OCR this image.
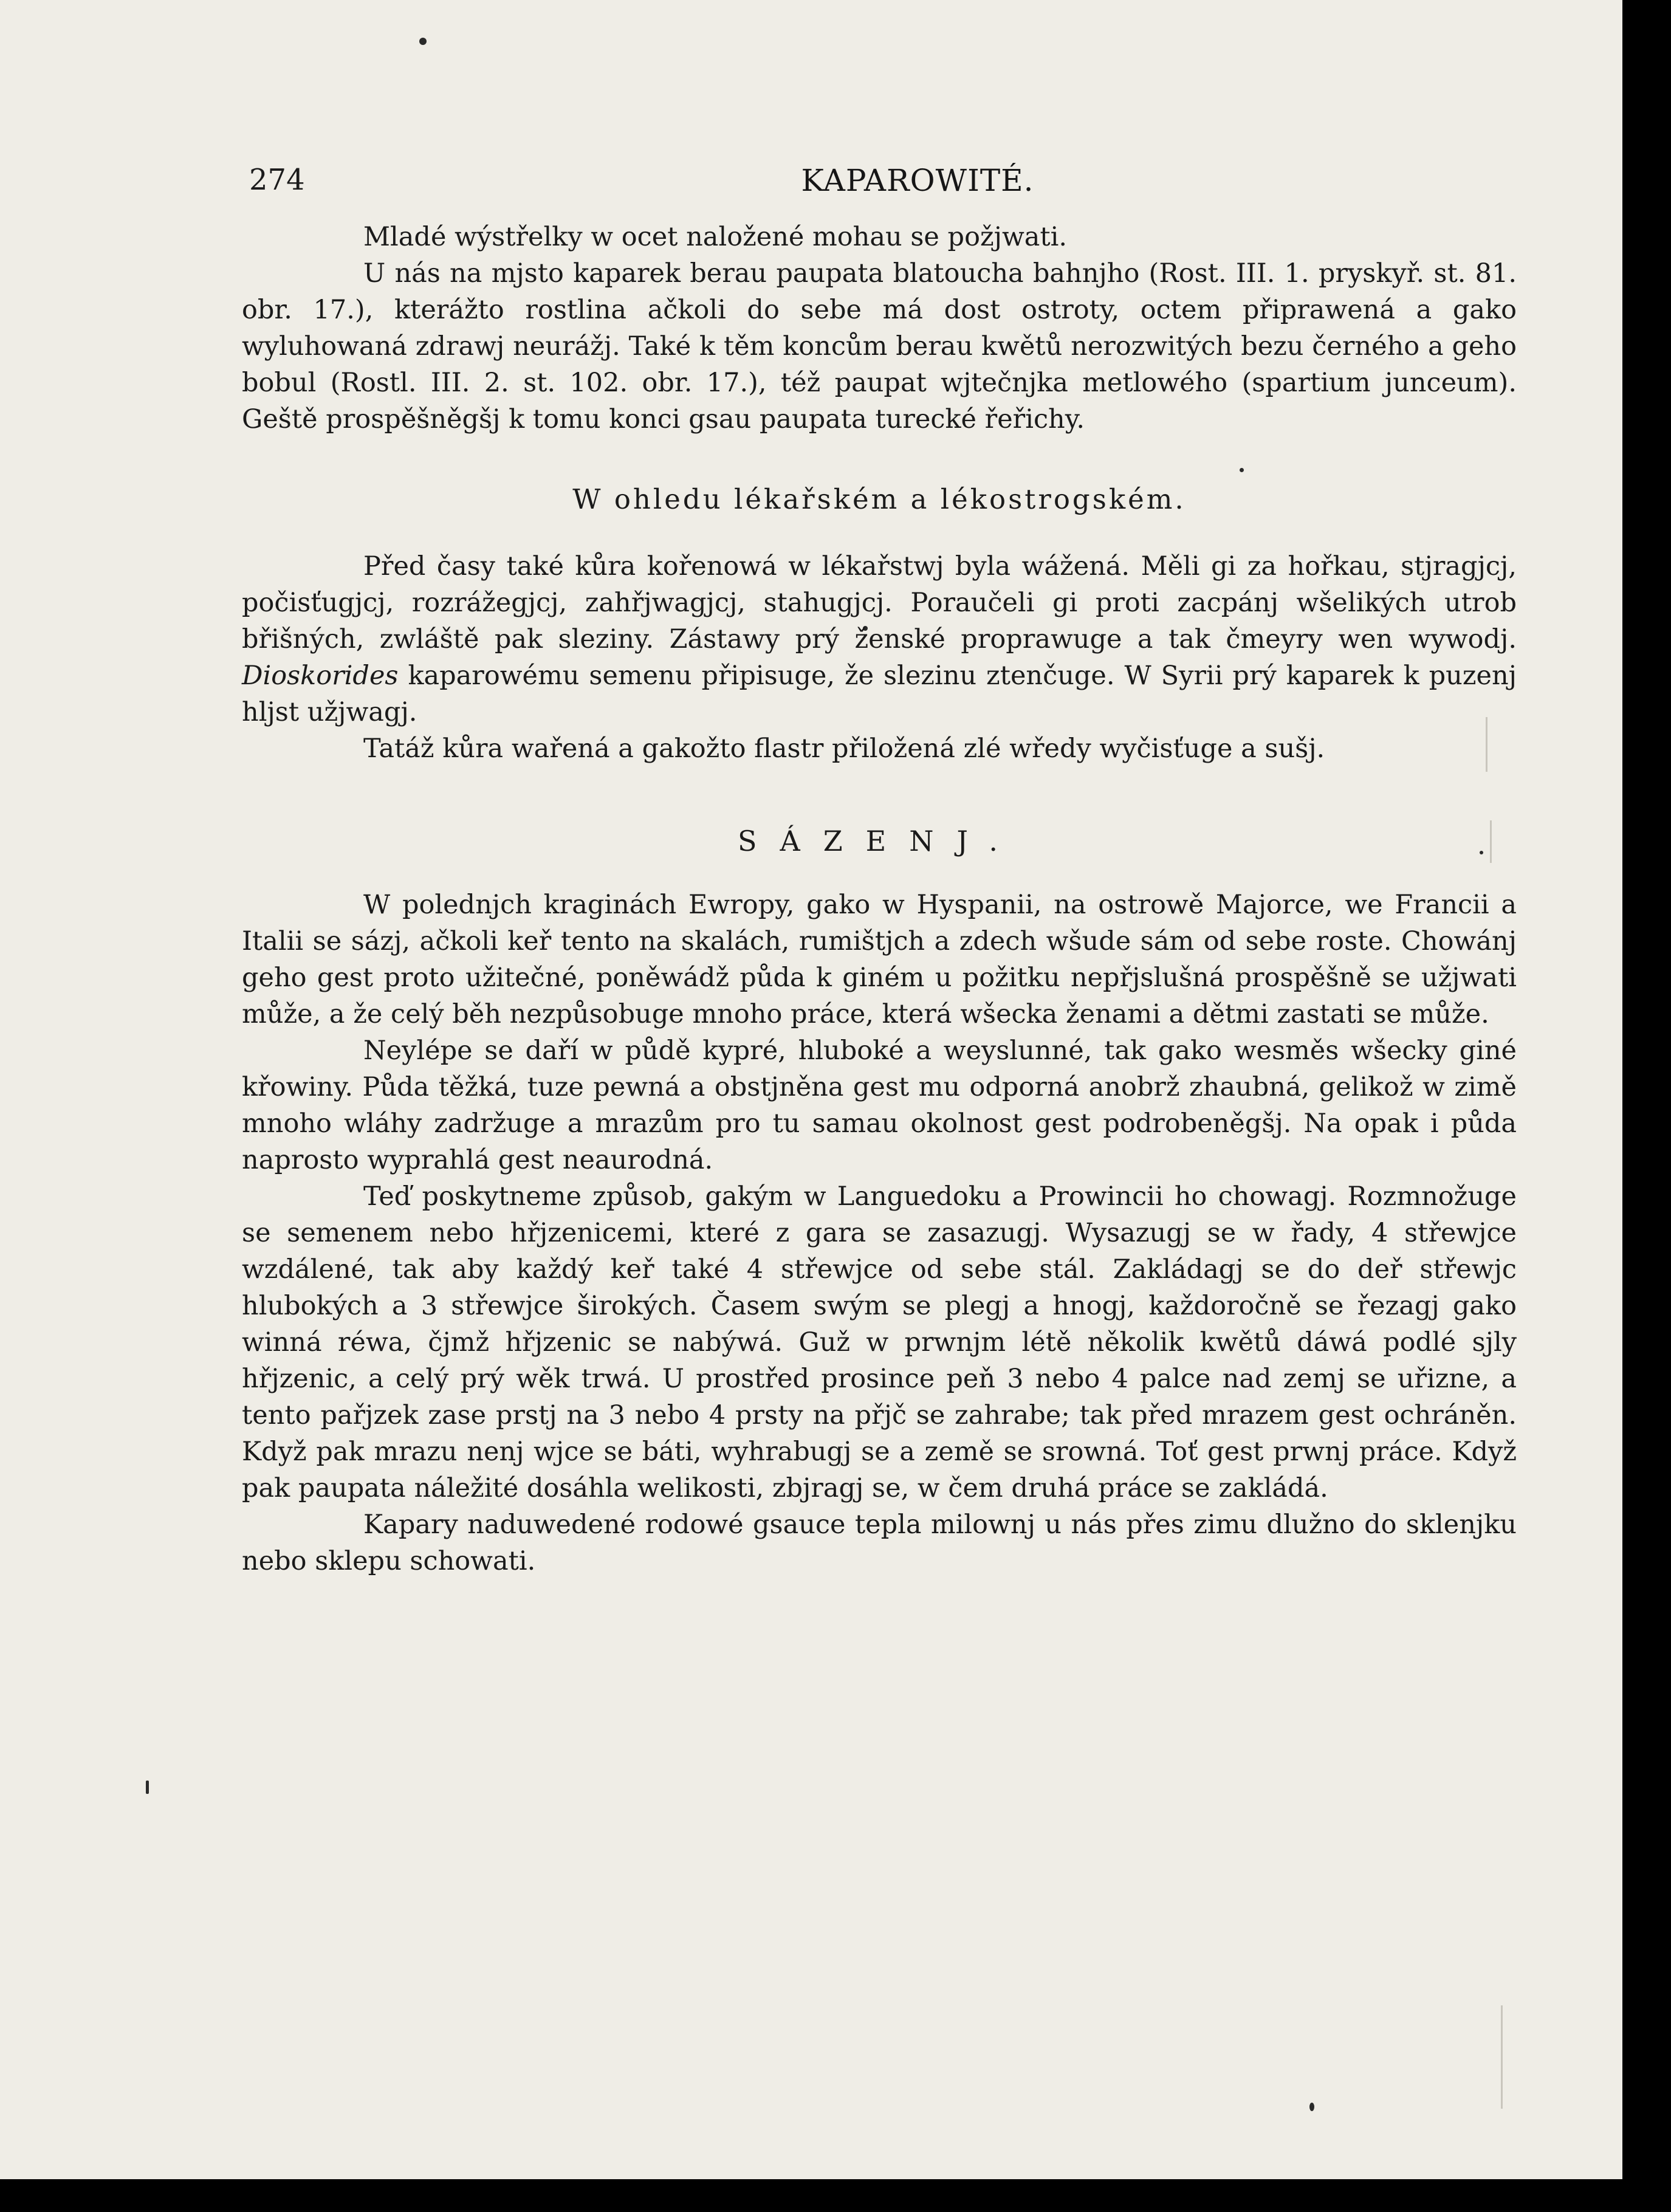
274	KAPAROWITÉ.

Mladé wýstřelky w ocet naložené mohau se požjwati.

U nás na mjsto kaparek berau paupata blatoucha bahnjho (Rost. III. 1. pryskyř. st. 81. obr. 17.), kterážto rostlina ačkoli do sebe má dost ostroty, octem připrawená a gako wyluhowaná zdrawj neurážj. Také k těm koncům berau kwětů nerozwitých bezu černého a geho bobul (Rostl. III. 2. st. 102. obr. 17.), též paupat wjtečnjka metlowého (spartium junceum). Geště prospěšněgšj k tomu konci gsau paupata turecké řeřichy.

W ohledu lékařském a lékostrogském.

Před časy také kůra kořenowá w lékařstwj byla wážená. Měli gi za hořkau, stjragjcj, počisťugjcj, rozrážegjcj, zahřjwagjcj, stahugjcj. Poraučeli gi proti zacpánj wšelikých utrob břišných, zwláště pak sleziny. Zástawy prý ženské proprawuge a tak čmeyry wen wywodj. Dioskorides kaparowému semenu připisuge, že slezinu ztenčuge. W Syrii prý kaparek k puzenj hljst užjwagj.

Tatáž kůra wařená a gakožto flastr přiložená zlé wředy wyčisťuge a sušj.

SÁZENJ.

W polednjch kraginách Ewropy, gako w Hyspanii, na ostrowě Majorce, we Francii a Italii se sázj, ačkoli keř tento na skalách, rumištjch a zdech wšude sám od sebe roste. Chowánj geho gest proto užitečné, poněwádž půda k giném u požitku nepřjslušná prospěšně se užjwati může, a že celý běh nezpůsobuge mnoho práce, která wšecka ženami a dětmi zastati se může.

Neylépe se daří w půdě kypré, hluboké a weyslunné, tak gako wesměs wšecky giné křowiny. Půda těžká, tuze pewná a obstjněna gest mu odporná anobrž zhaubná, gelikož w zimě mnoho wláhy zadržuge a mrazům pro tu samau okolnost gest podrobeněgšj. Na opak i půda naprosto wyprahlá gest neaurodná.

Teď poskytneme způsob, gakým w Languedoku a Prowincii ho chowagj. Rozmnožuge se semenem nebo hřjzenicemi, které z gara se zasazugj. Wysazugj se w řady, 4 střewjce wzdálené, tak aby každý keř také 4 střewjce od sebe stál. Zakládagj se do deř střewjc hlubokých a 3 střewjce širokých. Časem swým se plegj a hnogj, každoročně se řezagj gako winná réwa, čjmž hřjzenic se nabýwá. Guž w prwnjm létě několik kwětů dáwá podlé sjly hřjzenic, a celý prý wěk trwá. U prostřed prosince peň 3 nebo 4 palce nad zemj se uřizne, a tento pařjzek zase prstj na 3 nebo 4 prsty na přjč se zahrabe; tak před mrazem gest ochráněn. Když pak mrazu nenj wjce se báti, wyhrabugj se a země se srowná. Toť gest prwnj práce. Když pak paupata náležité dosáhla welikosti, zbjragj se, w čem druhá práce se zakládá.

Kapary naduwedené rodowé gsauce tepla milownj u nás přes zimu dlužno do sklenjku nebo sklepu schowati.
